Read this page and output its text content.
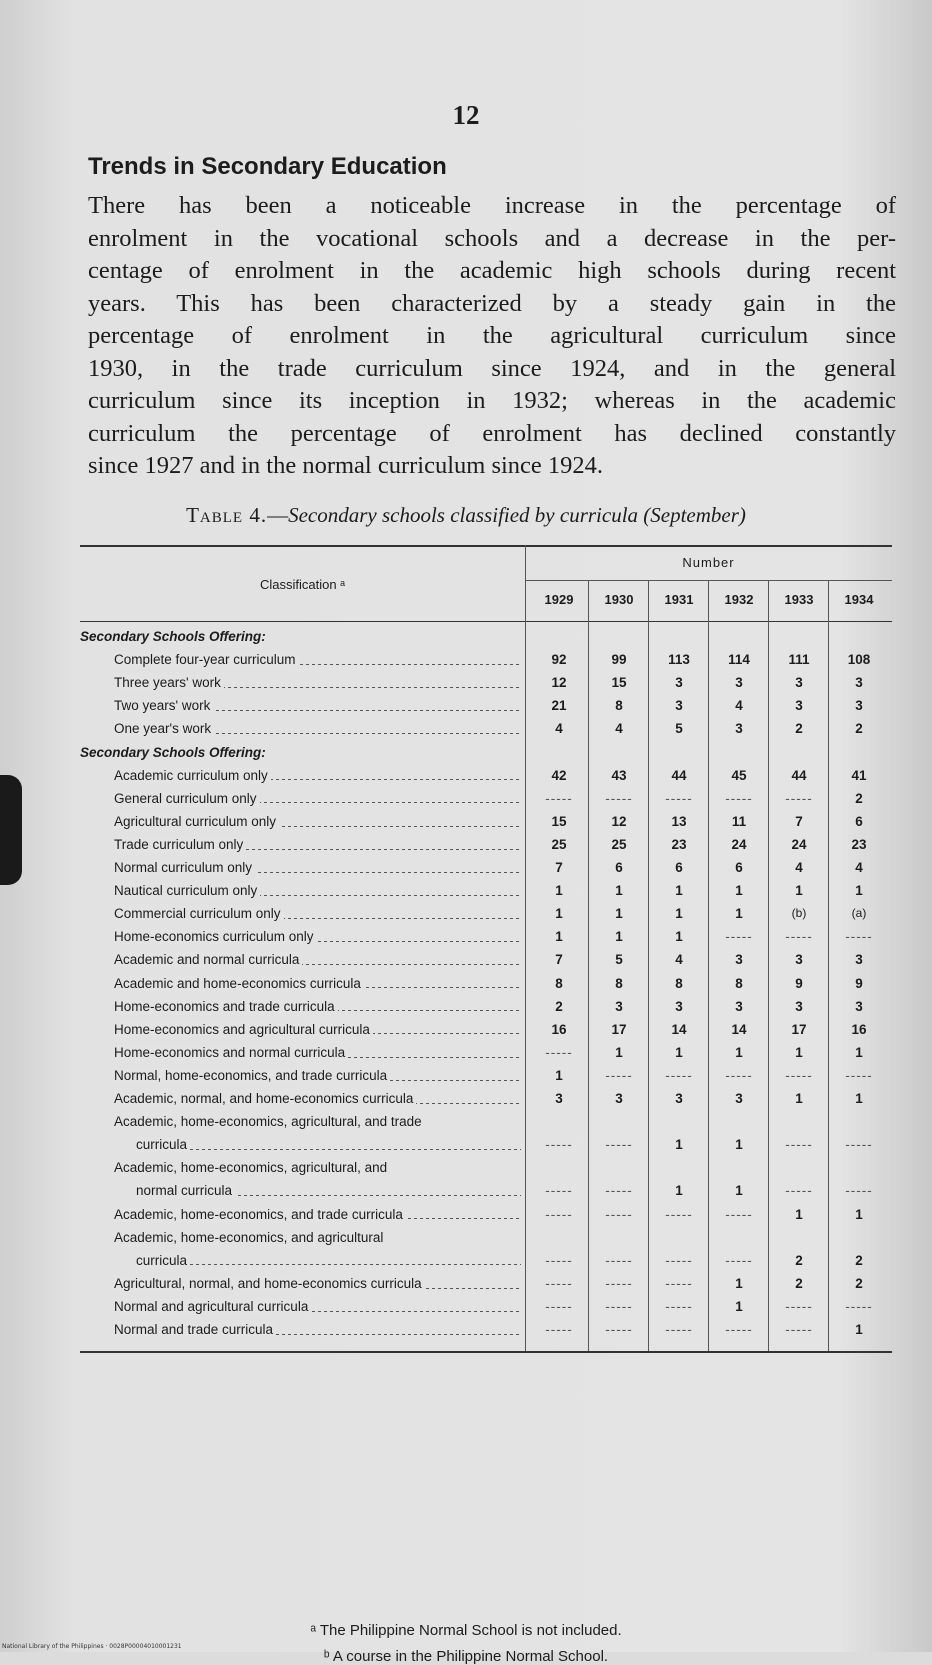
12
Trends in Secondary Education
There has been a noticeable increase in the percentage of
enrolment in the vocational schools and a decrease in the per-
centage of enrolment in the academic high schools during recent
years. This has been characterized by a steady gain in the
percentage of enrolment in the agricultural curriculum since
1930, in the trade curriculum since 1924, and in the general
curriculum since its inception in 1932; whereas in the academic
curriculum the percentage of enrolment has declined constantly
since 1927 and in the normal curriculum since 1924.
Table 4.—Secondary schools classified by curricula (September)
Classification ᵃ
Number
1929	1930	1931	1932	1933	1934
Secondary Schools Offering:
Complete four-year curriculum	92	99	113	114	111	108
Three years' work	12	15	3	3	3	3
Two years' work	21	8	3	4	3	3
One year's work	4	4	5	3	2	2
Secondary Schools Offering:
Academic curriculum only	42	43	44	45	44	41
General curriculum only	-----	-----	-----	-----	-----	2
Agricultural curriculum only	15	12	13	11	7	6
Trade curriculum only	25	25	23	24	24	23
Normal curriculum only	7	6	6	6	4	4
Nautical curriculum only	1	1	1	1	1	1
Commercial curriculum only	1	1	1	1	(b)	(a)
Home-economics curriculum only	1	1	1	-----	-----	-----
Academic and normal curricula	7	5	4	3	3	3
Academic and home-economics curricula	8	8	8	8	9	9
Home-economics and trade curricula	2	3	3	3	3	3
Home-economics and agricultural curricula	16	17	14	14	17	16
Home-economics and normal curricula	-----	1	1	1	1	1
Normal, home-economics, and trade curricula	1	-----	-----	-----	-----	-----
Academic, normal, and home-economics curricula	3	3	3	3	1	1
Academic, home-economics, agricultural, and trade
curricula	-----	-----	1	1	-----	-----
Academic, home-economics, agricultural, and
normal curricula	-----	-----	1	1	-----	-----
Academic, home-economics, and trade curricula	-----	-----	-----	-----	1	1
Academic, home-economics, and agricultural
curricula	-----	-----	-----	-----	2	2
Agricultural, normal, and home-economics curricula	-----	-----	-----	1	2	2
Normal and agricultural curricula	-----	-----	-----	1	-----	-----
Normal and trade curricula	-----	-----	-----	-----	-----	1
ᵃ The Philippine Normal School is not included.
ᵇ A course in the Philippine Normal School.
National Library of the Philippines · 0028P00004010001231
